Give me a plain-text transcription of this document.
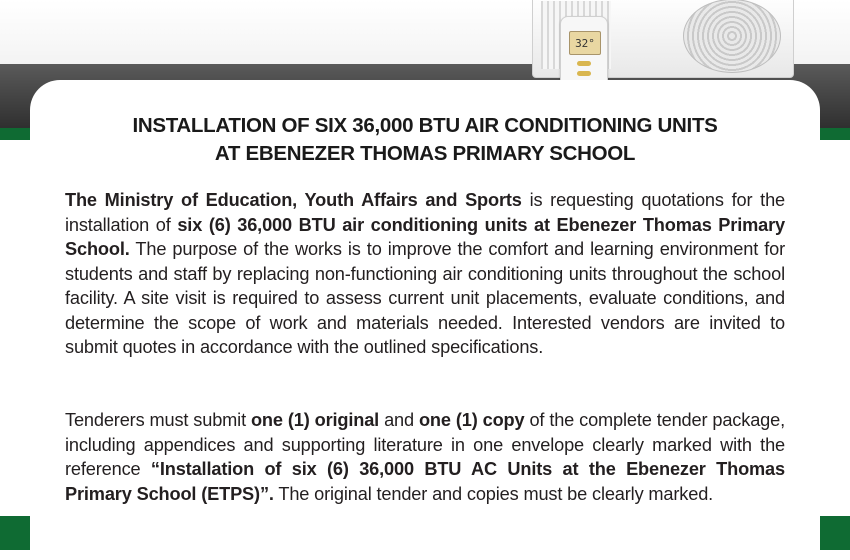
32°
INSTALLATION OF SIX 36,000 BTU AIR CONDITIONING UNITS
AT EBENEZER THOMAS PRIMARY SCHOOL

The Ministry of Education, Youth Affairs and Sports is requesting quotations for the installation of six (6) 36,000 BTU air conditioning units at Ebenezer Thomas Primary School. The purpose of the works is to improve the comfort and learning environment for students and staff by replacing non-functioning air conditioning units throughout the school facility. A site visit is required to assess current unit placements, evaluate conditions, and determine the scope of work and materials needed. Interested vendors are invited to submit quotes in accordance with the outlined specifications.

Tenderers must submit one (1) original and one (1) copy of the complete tender package, including appendices and supporting literature in one envelope clearly marked with the reference “Installation of six (6) 36,000 BTU AC Units at the Ebenezer Thomas Primary School (ETPS)”. The original tender and copies must be clearly marked.
